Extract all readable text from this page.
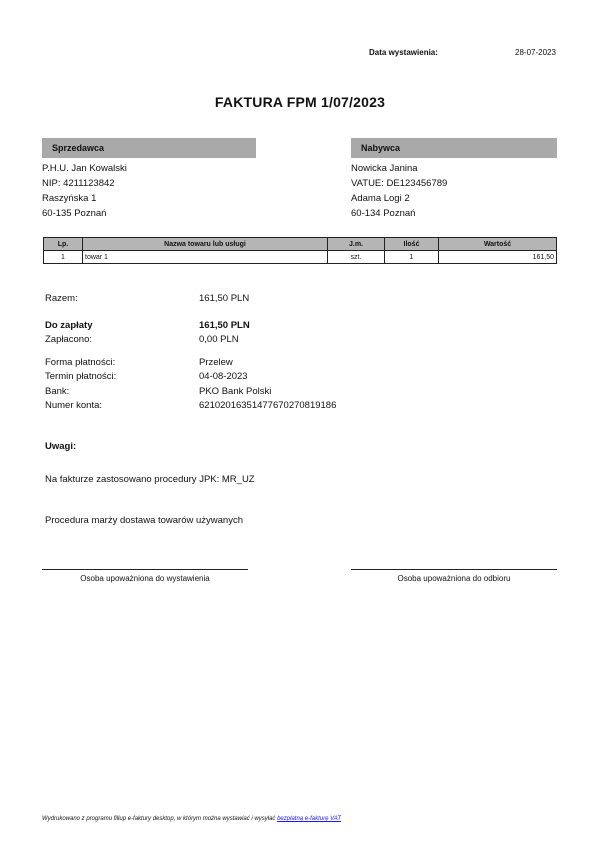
Data wystawienia:	28-07-2023
FAKTURA FPM 1/07/2023
Sprzedawca	Nabywca
P.H.U. Jan Kowalski
NIP: 4211123842
Raszyńska 1
60-135 Poznań
Nowicka Janina
VATUE: DE123456789
Adama Logi 2
60-134 Poznań
Lp.	Nazwa towaru lub usługi	J.m.	Ilość	Wartość
1	towar 1	szt.	1	161,50
Razem:	161,50 PLN
Do zapłaty	161,50 PLN
Zapłacono:	0,00 PLN
Forma płatności:	Przelew
Termin płatności:	04-08-2023
Bank:	PKO Bank Polski
Numer konta:	62102016351477670270819186
Uwagi:
Na fakturze zastosowano procedury JPK: MR_UZ
Procedura marży dostawa towarów używanych
Osoba upoważniona do wystawienia	Osoba upoważniona do odbioru
Wydrukowano z programu fillup e-faktury desktop, w którym można wystawiać i wysyłać bezpłatną e-fakturę VAT
